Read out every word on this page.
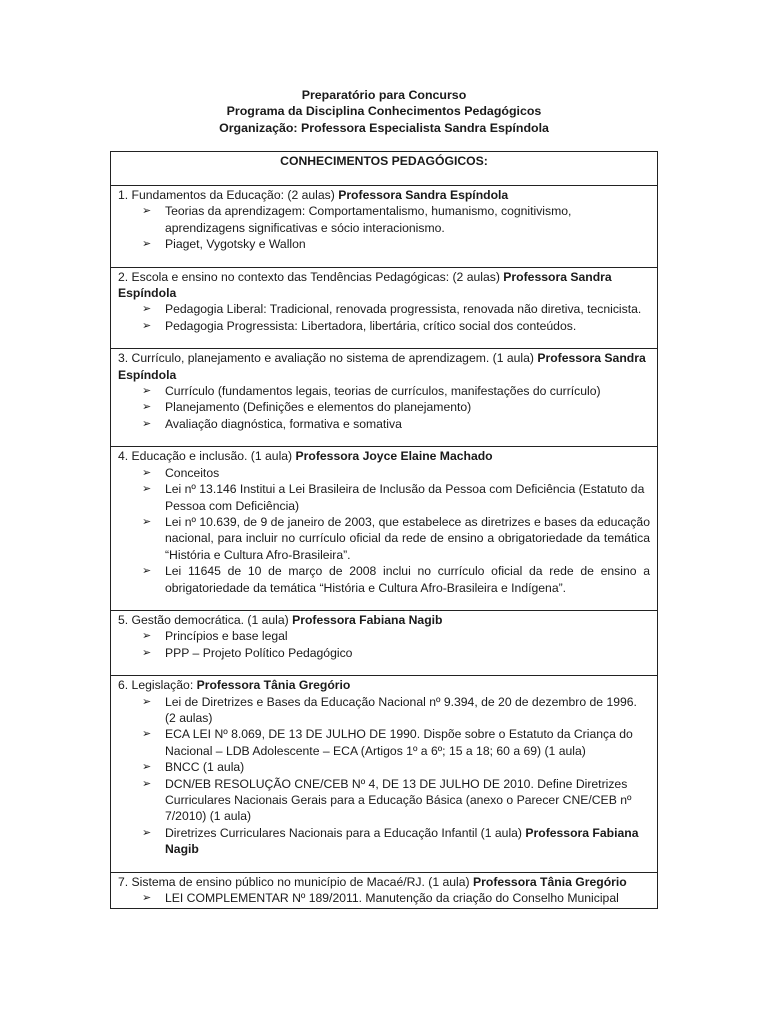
Preparatório para Concurso
Programa da Disciplina Conhecimentos Pedagógicos
Organização: Professora Especialista Sandra Espíndola
CONHECIMENTOS PEDAGÓGICOS:

1. Fundamentos da Educação: (2 aulas) Professora Sandra Espíndola

➢	Teorias da aprendizagem: Comportamentalismo, humanismo, cognitivismo, aprendizagens significativas e sócio interacionismo.
➢	Piaget, Vygotsky e Wallon

2. Escola e ensino no contexto das Tendências Pedagógicas: (2 aulas) Professora Sandra Espíndola

➢	Pedagogia Liberal: Tradicional, renovada progressista, renovada não diretiva, tecnicista.
➢	Pedagogia Progressista: Libertadora, libertária, crítico social dos conteúdos.

3. Currículo, planejamento e avaliação no sistema de aprendizagem. (1 aula) Professora Sandra Espíndola

➢	Currículo (fundamentos legais, teorias de currículos, manifestações do currículo)
➢	Planejamento (Definições e elementos do planejamento)
➢	Avaliação diagnóstica, formativa e somativa

4. Educação e inclusão. (1 aula) Professora Joyce Elaine Machado

➢	Conceitos
➢	Lei nº 13.146 Institui a Lei Brasileira de Inclusão da Pessoa com Deficiência (Estatuto da Pessoa com Deficiência)
➢	Lei nº 10.639, de 9 de janeiro de 2003, que estabelece as diretrizes e bases da educação nacional, para incluir no currículo oficial da rede de ensino a obrigatoriedade da temática “História e Cultura Afro-Brasileira”.
➢	Lei 11645 de 10 de março de 2008 inclui no currículo oficial da rede de ensino a obrigatoriedade da temática “História e Cultura Afro-Brasileira e Indígena”.

5. Gestão democrática. (1 aula) Professora Fabiana Nagib

➢	Princípios e base legal
➢	PPP – Projeto Político Pedagógico

6. Legislação: Professora Tânia Gregório

➢	Lei de Diretrizes e Bases da Educação Nacional nº 9.394, de 20 de dezembro de 1996. (2 aulas)
➢	ECA LEI Nº 8.069, DE 13 DE JULHO DE 1990. Dispõe sobre o Estatuto da Criança do Nacional – LDB Adolescente – ECA (Artigos 1º a 6º; 15 a 18; 60 a 69) (1 aula)
➢	BNCC (1 aula)
➢	DCN/EB RESOLUÇÃO CNE/CEB Nº 4, DE 13 DE JULHO DE 2010. Define Diretrizes Curriculares Nacionais Gerais para a Educação Básica (anexo o Parecer CNE/CEB nº 7/2010) (1 aula)
➢	Diretrizes Curriculares Nacionais para a Educação Infantil (1 aula) Professora Fabiana Nagib

7. Sistema de ensino público no município de Macaé/RJ. (1 aula) Professora Tânia Gregório

➢	LEI COMPLEMENTAR Nº 189/2011. Manutenção da criação do Conselho Municipal
